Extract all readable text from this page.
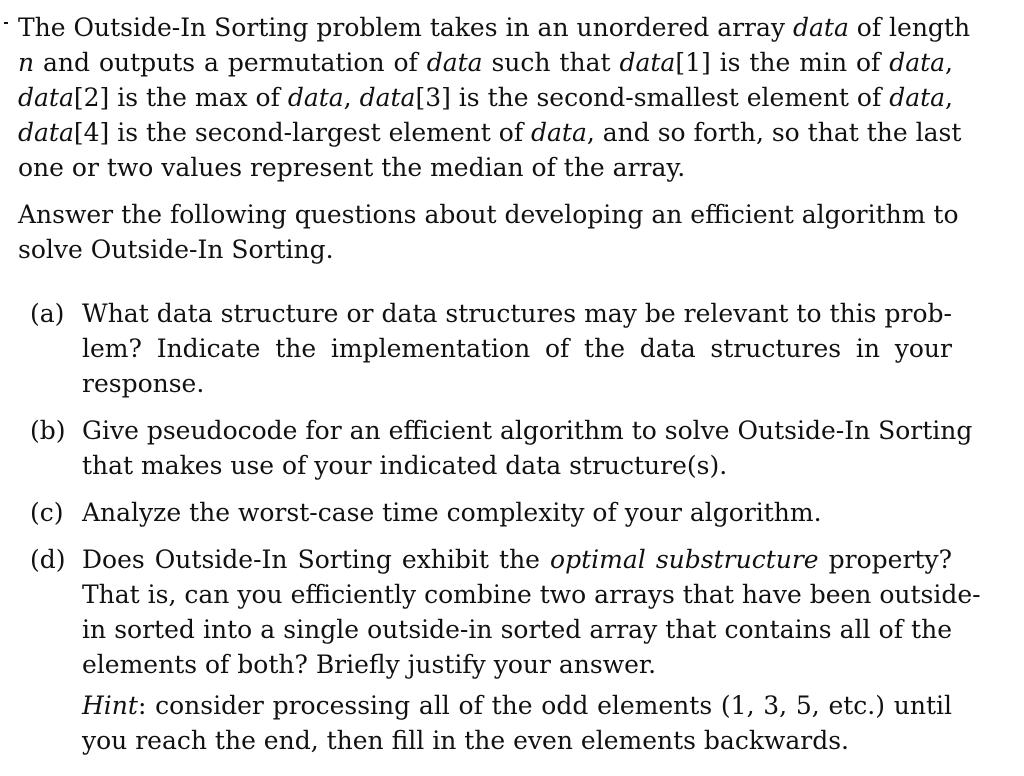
The Outside-In Sorting problem takes in an unordered array data of length
n and outputs a permutation of data such that data[1] is the min of data,
data[2] is the max of data, data[3] is the second-smallest element of data,
data[4] is the second-largest element of data, and so forth, so that the last
one or two values represent the median of the array.
Answer the following questions about developing an efficient algorithm to
solve Outside-In Sorting.
(a) What data structure or data structures may be relevant to this prob-
lem? Indicate the implementation of the data structures in your
response.
(b) Give pseudocode for an efficient algorithm to solve Outside-In Sorting
that makes use of your indicated data structure(s).
(c) Analyze the worst-case time complexity of your algorithm.
(d) Does Outside-In Sorting exhibit the optimal substructure property?
That is, can you efficiently combine two arrays that have been outside-
in sorted into a single outside-in sorted array that contains all of the
elements of both? Briefly justify your answer.
Hint: consider processing all of the odd elements (1, 3, 5, etc.) until
you reach the end, then fill in the even elements backwards.
